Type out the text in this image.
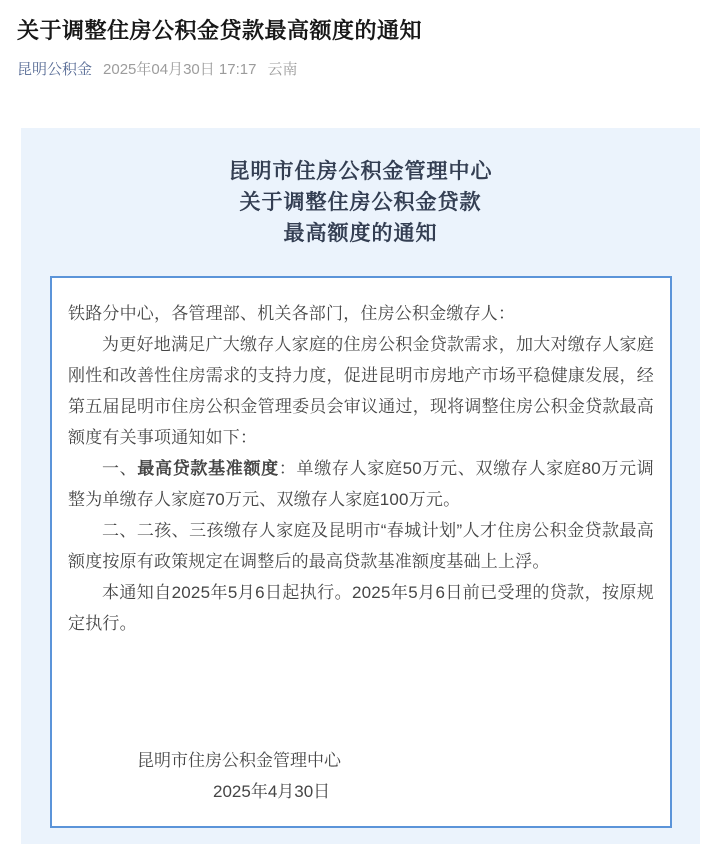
关于调整住房公积金贷款最高额度的通知
昆明公积金 2025年04月30日 17:17 云南
昆明市住房公积金管理中心
关于调整住房公积金贷款
最高额度的通知

铁路分中心，各管理部、机关各部门，住房公积金缴存人：

为更好地满足广大缴存人家庭的住房公积金贷款需求，加大对缴存人家庭刚性和改善性住房需求的支持力度，促进昆明市房地产市场平稳健康发展，经第五届昆明市住房公积金管理委员会审议通过，现将调整住房公积金贷款最高额度有关事项通知如下：

一、最高贷款基准额度：单缴存人家庭50万元、双缴存人家庭80万元调整为单缴存人家庭70万元、双缴存人家庭100万元。

二、二孩、三孩缴存人家庭及昆明市“春城计划”人才住房公积金贷款最高额度按原有政策规定在调整后的最高贷款基准额度基础上上浮。

本通知自2025年5月6日起执行。2025年5月6日前已受理的贷款，按原规定执行。

昆明市住房公积金管理中心
2025年4月30日
